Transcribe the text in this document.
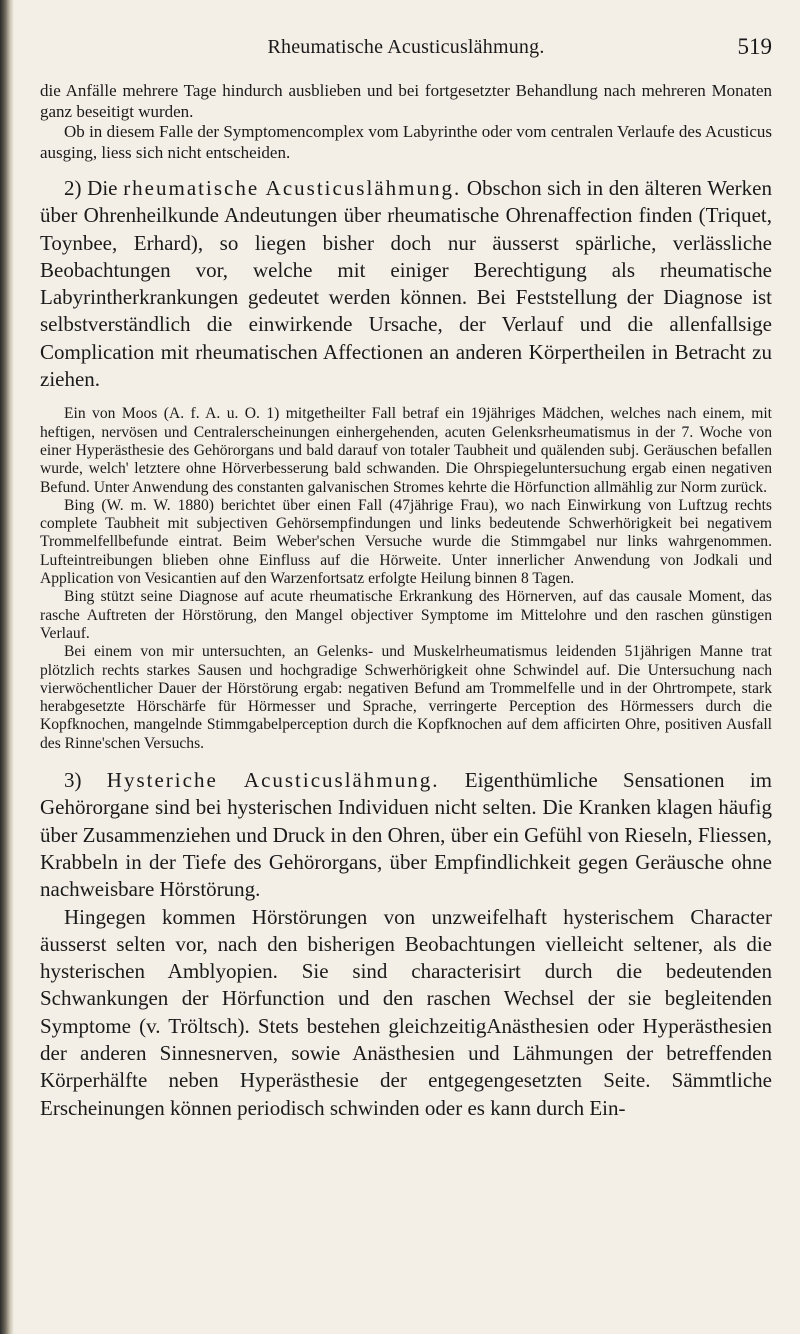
Rheumatische Acusticuslähmung.	519

die Anfälle mehrere Tage hindurch ausblieben und bei fortgesetzter Behandlung nach mehreren Monaten ganz beseitigt wurden.

Ob in diesem Falle der Symptomencomplex vom Labyrinthe oder vom centralen Verlaufe des Acusticus ausging, liess sich nicht entscheiden.

2) Die rheumatische Acusticuslähmung. Obschon sich in den älteren Werken über Ohrenheilkunde Andeutungen über rheumatische Ohrenaffection finden (Triquet, Toynbee, Erhard), so liegen bisher doch nur äusserst spärliche, verlässliche Beobachtungen vor, welche mit einiger Berechtigung als rheumatische Labyrintherkrankungen gedeutet werden können. Bei Feststellung der Diagnose ist selbstverständlich die einwirkende Ursache, der Verlauf und die allenfallsige Complication mit rheumatischen Affectionen an anderen Körpertheilen in Betracht zu ziehen.

Ein von Moos (A. f. A. u. O. 1) mitgetheilter Fall betraf ein 19jähriges Mädchen, welches nach einem, mit heftigen, nervösen und Centralerscheinungen einhergehenden, acuten Gelenksrheumatismus in der 7. Woche von einer Hyperästhesie des Gehörorgans und bald darauf von totaler Taubheit und quälenden subj. Geräuschen befallen wurde, welch' letztere ohne Hörverbesserung bald schwanden. Die Ohrspiegeluntersuchung ergab einen negativen Befund. Unter Anwendung des constanten galvanischen Stromes kehrte die Hörfunction allmählig zur Norm zurück.

Bing (W. m. W. 1880) berichtet über einen Fall (47jährige Frau), wo nach Einwirkung von Luftzug rechts complete Taubheit mit subjectiven Gehörsempfindungen und links bedeutende Schwerhörigkeit bei negativem Trommelfellbefunde eintrat. Beim Weber'schen Versuche wurde die Stimmgabel nur links wahrgenommen. Lufteintreibungen blieben ohne Einfluss auf die Hörweite. Unter innerlicher Anwendung von Jodkali und Application von Vesicantien auf den Warzenfortsatz erfolgte Heilung binnen 8 Tagen.

Bing stützt seine Diagnose auf acute rheumatische Erkrankung des Hörnerven, auf das causale Moment, das rasche Auftreten der Hörstörung, den Mangel objectiver Symptome im Mittelohre und den raschen günstigen Verlauf.

Bei einem von mir untersuchten, an Gelenks- und Muskelrheumatismus leidenden 51jährigen Manne trat plötzlich rechts starkes Sausen und hochgradige Schwerhörigkeit ohne Schwindel auf. Die Untersuchung nach vierwöchentlicher Dauer der Hörstörung ergab: negativen Befund am Trommelfelle und in der Ohrtrompete, stark herabgesetzte Hörschärfe für Hörmesser und Sprache, verringerte Perception des Hörmessers durch die Kopfknochen, mangelnde Stimmgabelperception durch die Kopfknochen auf dem afficirten Ohre, positiven Ausfall des Rinne'schen Versuchs.

3) Hysteriche Acusticuslähmung. Eigenthümliche Sensationen im Gehörorgane sind bei hysterischen Individuen nicht selten. Die Kranken klagen häufig über Zusammenziehen und Druck in den Ohren, über ein Gefühl von Rieseln, Fliessen, Krabbeln in der Tiefe des Gehörorgans, über Empfindlichkeit gegen Geräusche ohne nachweisbare Hörstörung.

Hingegen kommen Hörstörungen von unzweifelhaft hysterischem Character äusserst selten vor, nach den bisherigen Beobachtungen vielleicht seltener, als die hysterischen Amblyopien. Sie sind characterisirt durch die bedeutenden Schwankungen der Hörfunction und den raschen Wechsel der sie begleitenden Symptome (v. Tröltsch). Stets bestehen gleichzeitigAnästhesien oder Hyperästhesien der anderen Sinnesnerven, sowie Anästhesien und Lähmungen der betreffenden Körperhälfte neben Hyperästhesie der entgegengesetzten Seite. Sämmtliche Erscheinungen können periodisch schwinden oder es kann durch Ein-
